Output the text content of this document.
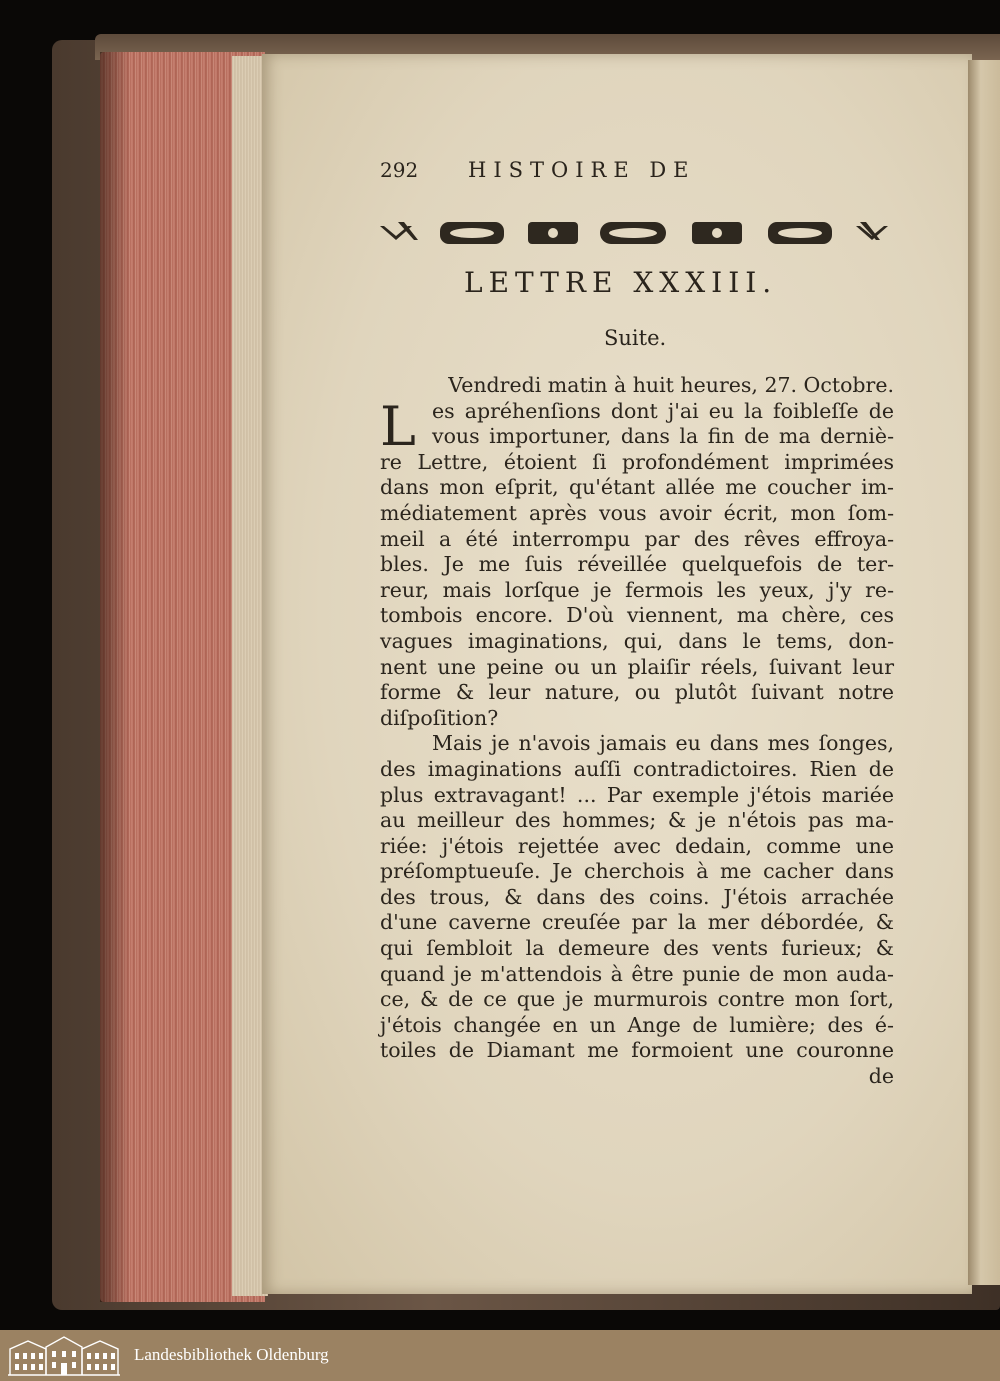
292 HISTOIRE DE
LETTRE XXXIII.
Suite.
L
Vendredi matin à huit heures, 27. Octobre.
es apréhenſions dont j'ai eu la foibleſſe de
vous importuner, dans la fin de ma derniè-
re Lettre, étoient ſi profondément imprimées
dans mon eſprit, qu'étant allée me coucher im-
médiatement après vous avoir écrit, mon ſom-
meil a été interrompu par des rêves effroya-
bles. Je me ſuis réveillée quelquefois de ter-
reur, mais lorſque je fermois les yeux, j'y re-
tombois encore. D'où viennent, ma chère, ces
vagues imaginations, qui, dans le tems, don-
nent une peine ou un plaiſir réels, ſuivant leur
forme & leur nature, ou plutôt ſuivant notre
diſpoſition?
Mais je n'avois jamais eu dans mes ſonges,
des imaginations auſſi contradictoires. Rien de
plus extravagant! ... Par exemple j'étois mariée
au meilleur des hommes; & je n'étois pas ma-
riée: j'étois rejettée avec dedain, comme une
préſomptueuſe. Je cherchois à me cacher dans
des trous, & dans des coins. J'étois arrachée
d'une caverne creuſée par la mer débordée, &
qui ſembloit la demeure des vents furieux; &
quand je m'attendois à être punie de mon auda-
ce, & de ce que je murmurois contre mon ſort,
j'étois changée en un Ange de lumière; des é-
toiles de Diamant me formoient une couronne
de
Landesbibliothek Oldenburg
